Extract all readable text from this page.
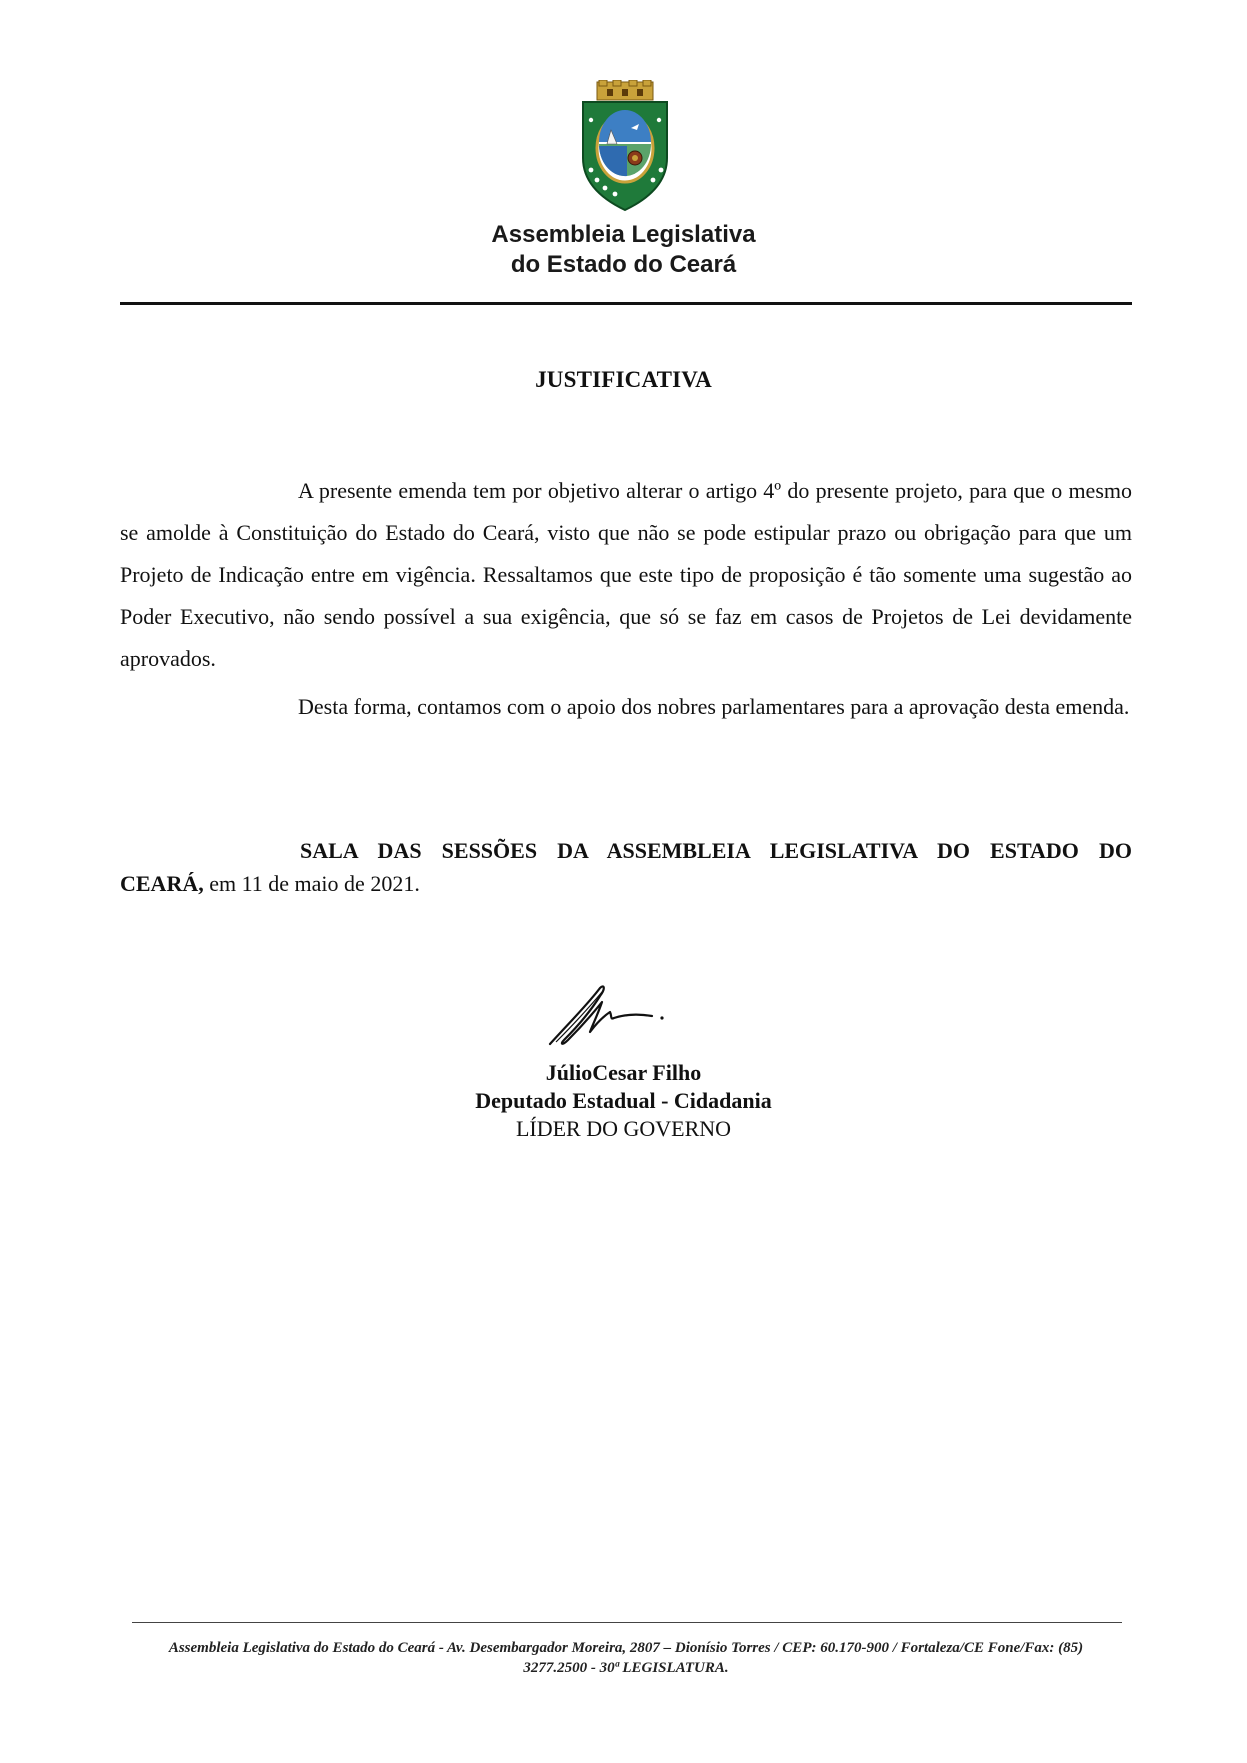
Assembleia Legislativa
do Estado do Ceará
JUSTIFICATIVA

A presente emenda tem por objetivo alterar o artigo 4º do presente projeto, para que o mesmo se amolde à Constituição do Estado do Ceará, visto que não se pode estipular prazo ou obrigação para que um Projeto de Indicação entre em vigência. Ressaltamos que este tipo de proposição é tão somente uma sugestão ao Poder Executivo, não sendo possível a sua exigência, que só se faz em casos de Projetos de Lei devidamente aprovados.

Desta forma, contamos com o apoio dos nobres parlamentares para a aprovação desta emenda.

SALA DAS SESSÕES DA ASSEMBLEIA LEGISLATIVA DO ESTADO DO
CEARÁ, em 11 de maio de 2021.
JúlioCesar Filho
Deputado Estadual - Cidadania
LÍDER DO GOVERNO
Assembleia Legislativa do Estado do Ceará - Av. Desembargador Moreira, 2807 – Dionísio Torres / CEP: 60.170-900 / Fortaleza/CE Fone/Fax: (85)
3277.2500 - 30ª LEGISLATURA.
